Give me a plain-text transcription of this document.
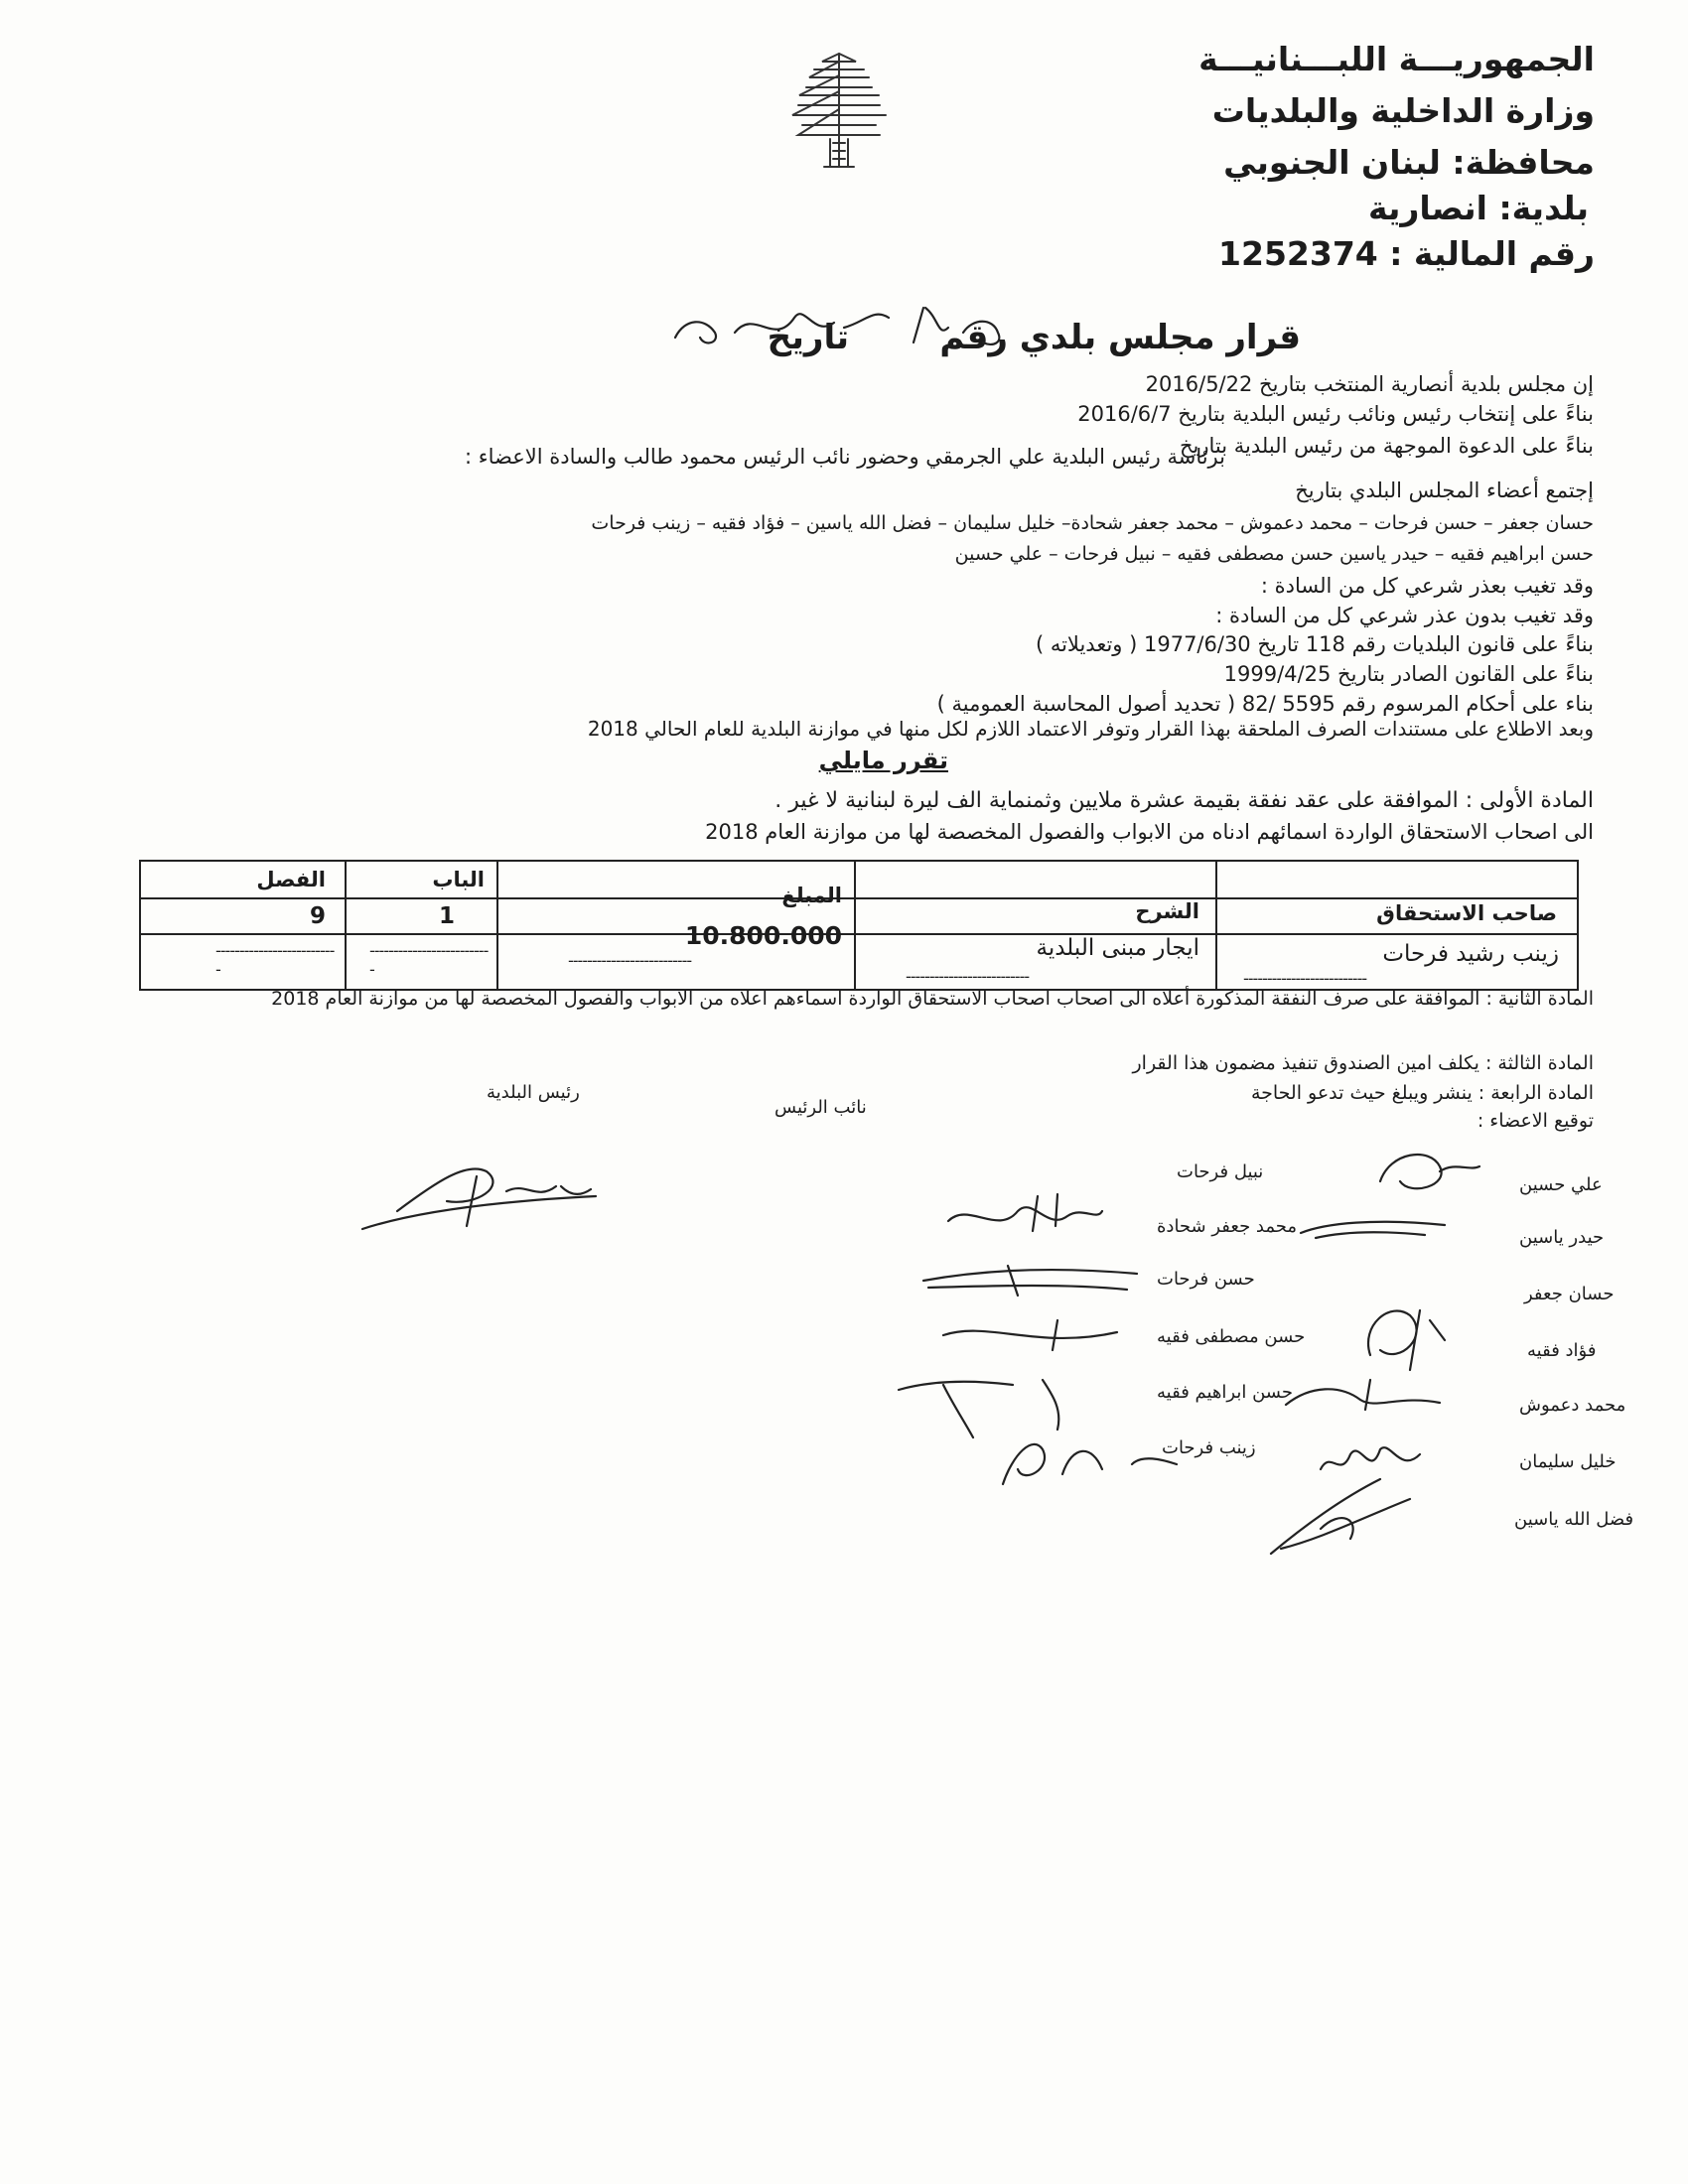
الجمهوريـــة اللبـــنانيـــة
وزارة الداخلية والبلديات
محافظة: لبنان الجنوبي
بلدية: انصارية
رقم المالية : 1252374
قرار مجلس بلدي رقم
تاريخ
إن مجلس بلدية أنصارية المنتخب بتاريخ 2016/5/22
بناءً على إنتخاب رئيس ونائب رئيس البلدية بتاريخ 2016/6/7
بناءً على الدعوة الموجهة من رئيس البلدية بتاريخ
برئاسة رئيس البلدية علي الجرمقي وحضور نائب الرئيس محمود طالب والسادة الاعضاء :
إجتمع أعضاء المجلس البلدي بتاريخ
حسان جعفر – حسن فرحات – محمد دعموش – محمد جعفر شحادة– خليل سليمان – فضل الله ياسين – فؤاد فقيه – زينب فرحات
حسن ابراهيم فقيه – حيدر ياسين حسن مصطفى فقيه – نبيل فرحات – علي حسين
وقد تغيب بعذر شرعي كل من السادة :
وقد تغيب بدون عذر شرعي كل من السادة :
بناءً على قانون البلديات رقم 118 تاريخ 1977/6/30 ( وتعديلاته )
بناءً على القانون الصادر بتاريخ 1999/4/25
بناء على أحكام المرسوم رقم 5595 /82 ( تحديد أصول المحاسبة العمومية )
وبعد الاطلاع على مستندات الصرف الملحقة بهذا القرار وتوفر الاعتماد اللازم لكل منها في موازنة البلدية للعام الحالي 2018
تقرر مايلي
المادة الأولى : الموافقة على عقد نفقة بقيمة عشرة ملايين وثمنماية الف ليرة لبنانية لا غير .
الى اصحاب الاستحقاق الواردة اسمائهم ادناه من الابواب والفصول المخصصة لها من موازنة العام 2018
صاحب الاستحقاق
الشرح
المبلغ
الباب
الفصل
زينب رشيد فرحات
ايجار مبنى البلدية
10.800.000
1
9
--------------------------
--------------------------
--------------------------
--------------------------
--------------------------
المادة الثانية : الموافقة على صرف النفقة المذكورة أعلاه الى اصحاب اصحاب الاستحقاق الواردة اسماءهم اعلاه من الابواب والفصول المخصصة لها من موازنة العام 2018
المادة الثالثة : يكلف امين الصندوق تنفيذ مضمون هذا القرار
المادة الرابعة : ينشر ويبلغ حيث تدعو الحاجة
توقيع الاعضاء :
رئيس البلدية
نائب الرئيس
نبيل فرحات
محمد جعفر شحادة
حسن فرحات
حسن مصطفى فقيه
حسن ابراهيم فقيه
زينب فرحات
علي حسين
حيدر ياسين
حسان جعفر
فؤاد فقيه
محمد دعموش
خليل سليمان
فضل الله ياسين
